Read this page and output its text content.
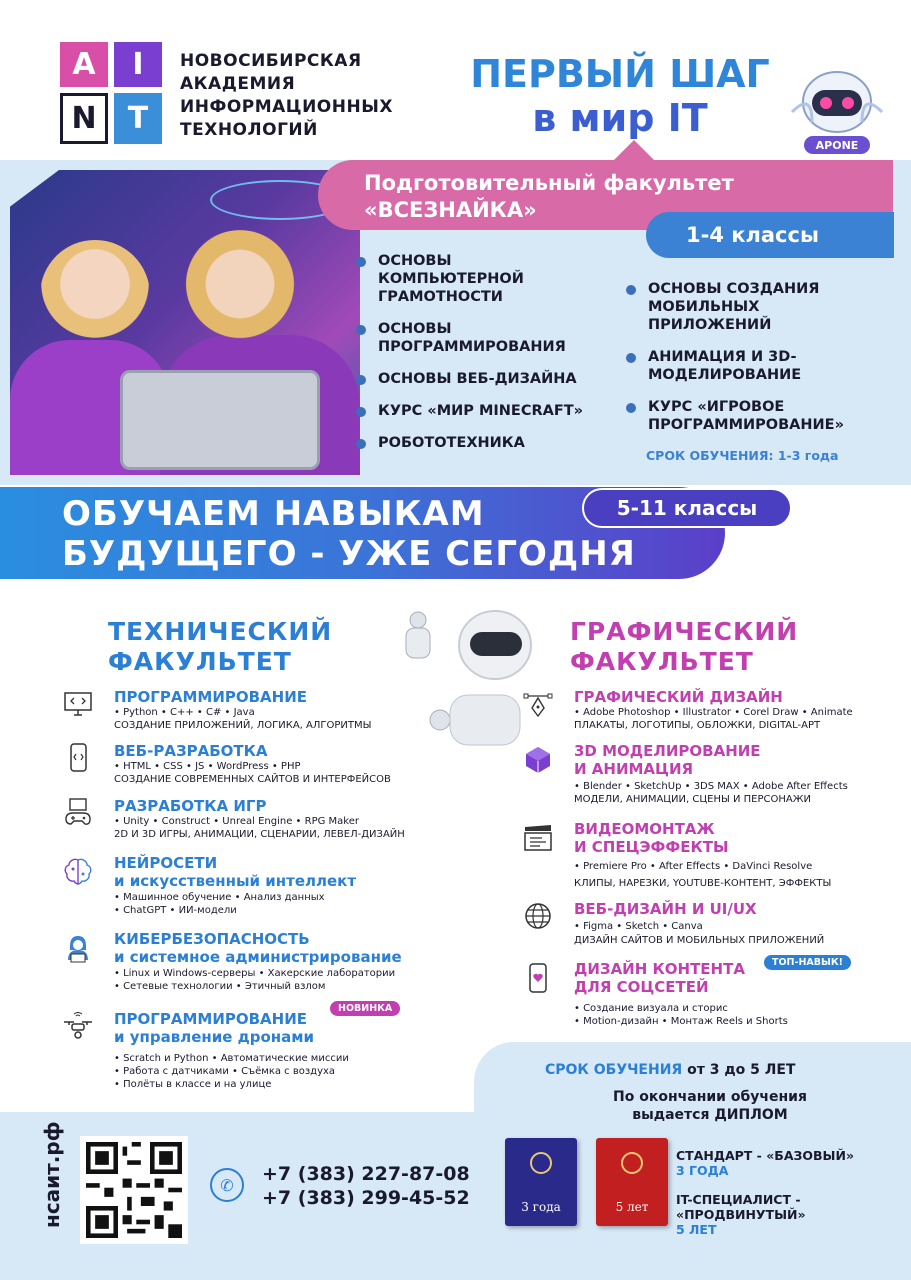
A	I
N	T
НОВОСИБИРСКАЯ
АКАДЕМИЯ
ИНФОРМАЦИОННЫХ
ТЕХНОЛОГИЙ
ПЕРВЫЙ ШАГ
в мир IT
APONE
Подготовительный факультет
«ВСЕЗНАЙКА»
1-4 классы
ОСНОВЫ КОМПЬЮТЕРНОЙ ГРАМОТНОСТИ
ОСНОВЫ ПРОГРАММИРОВАНИЯ
ОСНОВЫ ВЕБ-ДИЗАЙНА
КУРС «МИР MINECRAFT»
РОБОТОТЕХНИКА
ОСНОВЫ СОЗДАНИЯ МОБИЛЬНЫХ ПРИЛОЖЕНИЙ
АНИМАЦИЯ И 3D-МОДЕЛИРОВАНИЕ
КУРС «ИГРОВОЕ ПРОГРАММИРОВАНИЕ»
СРОК ОБУЧЕНИЯ: 1-3 года
ОБУЧАЕМ НАВЫКАМ
БУДУЩЕГО - УЖЕ СЕГОДНЯ
5-11 классы
ТЕХНИЧЕСКИЙ
ФАКУЛЬТЕТ
ГРАФИЧЕСКИЙ
ФАКУЛЬТЕТ
ПРОГРАММИРОВАНИЕ
• Python • C++ • C# • Java
СОЗДАНИЕ ПРИЛОЖЕНИЙ, ЛОГИКА, АЛГОРИТМЫ
ВЕБ-РАЗРАБОТКА
• HTML • CSS • JS • WordPress • PHP
СОЗДАНИЕ СОВРЕМЕННЫХ САЙТОВ И ИНТЕРФЕЙСОВ
РАЗРАБОТКА ИГР
• Unity • Construct • Unreal Engine • RPG Maker
2D И 3D ИГРЫ, АНИМАЦИИ, СЦЕНАРИИ, ЛЕВЕЛ-ДИЗАЙН
НЕЙРОСЕТИ
и искусственный интеллект
• Машинное обучение • Анализ данных
• ChatGPT • ИИ-модели
КИБЕРБЕЗОПАСНОСТЬ
и системное администрирование
• Linux и Windows-серверы • Хакерские лаборатории
• Сетевые технологии • Этичный взлом
ПРОГРАММИРОВАНИЕ
и управление дронами
• Scratch и Python • Автоматические миссии
• Работа с датчиками • Съёмка с воздуха
• Полёты в классе и на улице
НОВИНКА
ГРАФИЧЕСКИЙ ДИЗАЙН
• Adobe Photoshop • Illustrator • Corel Draw • Animate
ПЛАКАТЫ, ЛОГОТИПЫ, ОБЛОЖКИ, DIGITAL-АРТ
3D МОДЕЛИРОВАНИЕ
И АНИМАЦИЯ
• Blender • SketchUp • 3DS MAX • Adobe After Effects
МОДЕЛИ, АНИМАЦИИ, СЦЕНЫ И ПЕРСОНАЖИ
ВИДЕОМОНТАЖ
И СПЕЦЭФФЕКТЫ
• Premiere Pro • After Effects • DaVinci Resolve
КЛИПЫ, НАРЕЗКИ, YOUTUBE-КОНТЕНТ, ЭФФЕКТЫ
ВЕБ-ДИЗАЙН И UI/UX
• Figma • Sketch • Canva
ДИЗАЙН САЙТОВ И МОБИЛЬНЫХ ПРИЛОЖЕНИЙ
ДИЗАЙН КОНТЕНТА
ДЛЯ СОЦСЕТЕЙ
• Создание визуала и сторис
• Motion-дизайн • Монтаж Reels и Shorts
ТОП-НАВЫК!
СРОК ОБУЧЕНИЯ от 3 до 5 ЛЕТ
По окончании обучения
выдается ДИПЛОМ
нсаит.рф	✆	+7 (383) 227-87-08
+7 (383) 299-45-52	3 года	5 лет
СТАНДАРТ - «БАЗОВЫЙ»
3 ГОДА
IT-СПЕЦИАЛИСТ -
«ПРОДВИНУТЫЙ»
5 ЛЕТ
